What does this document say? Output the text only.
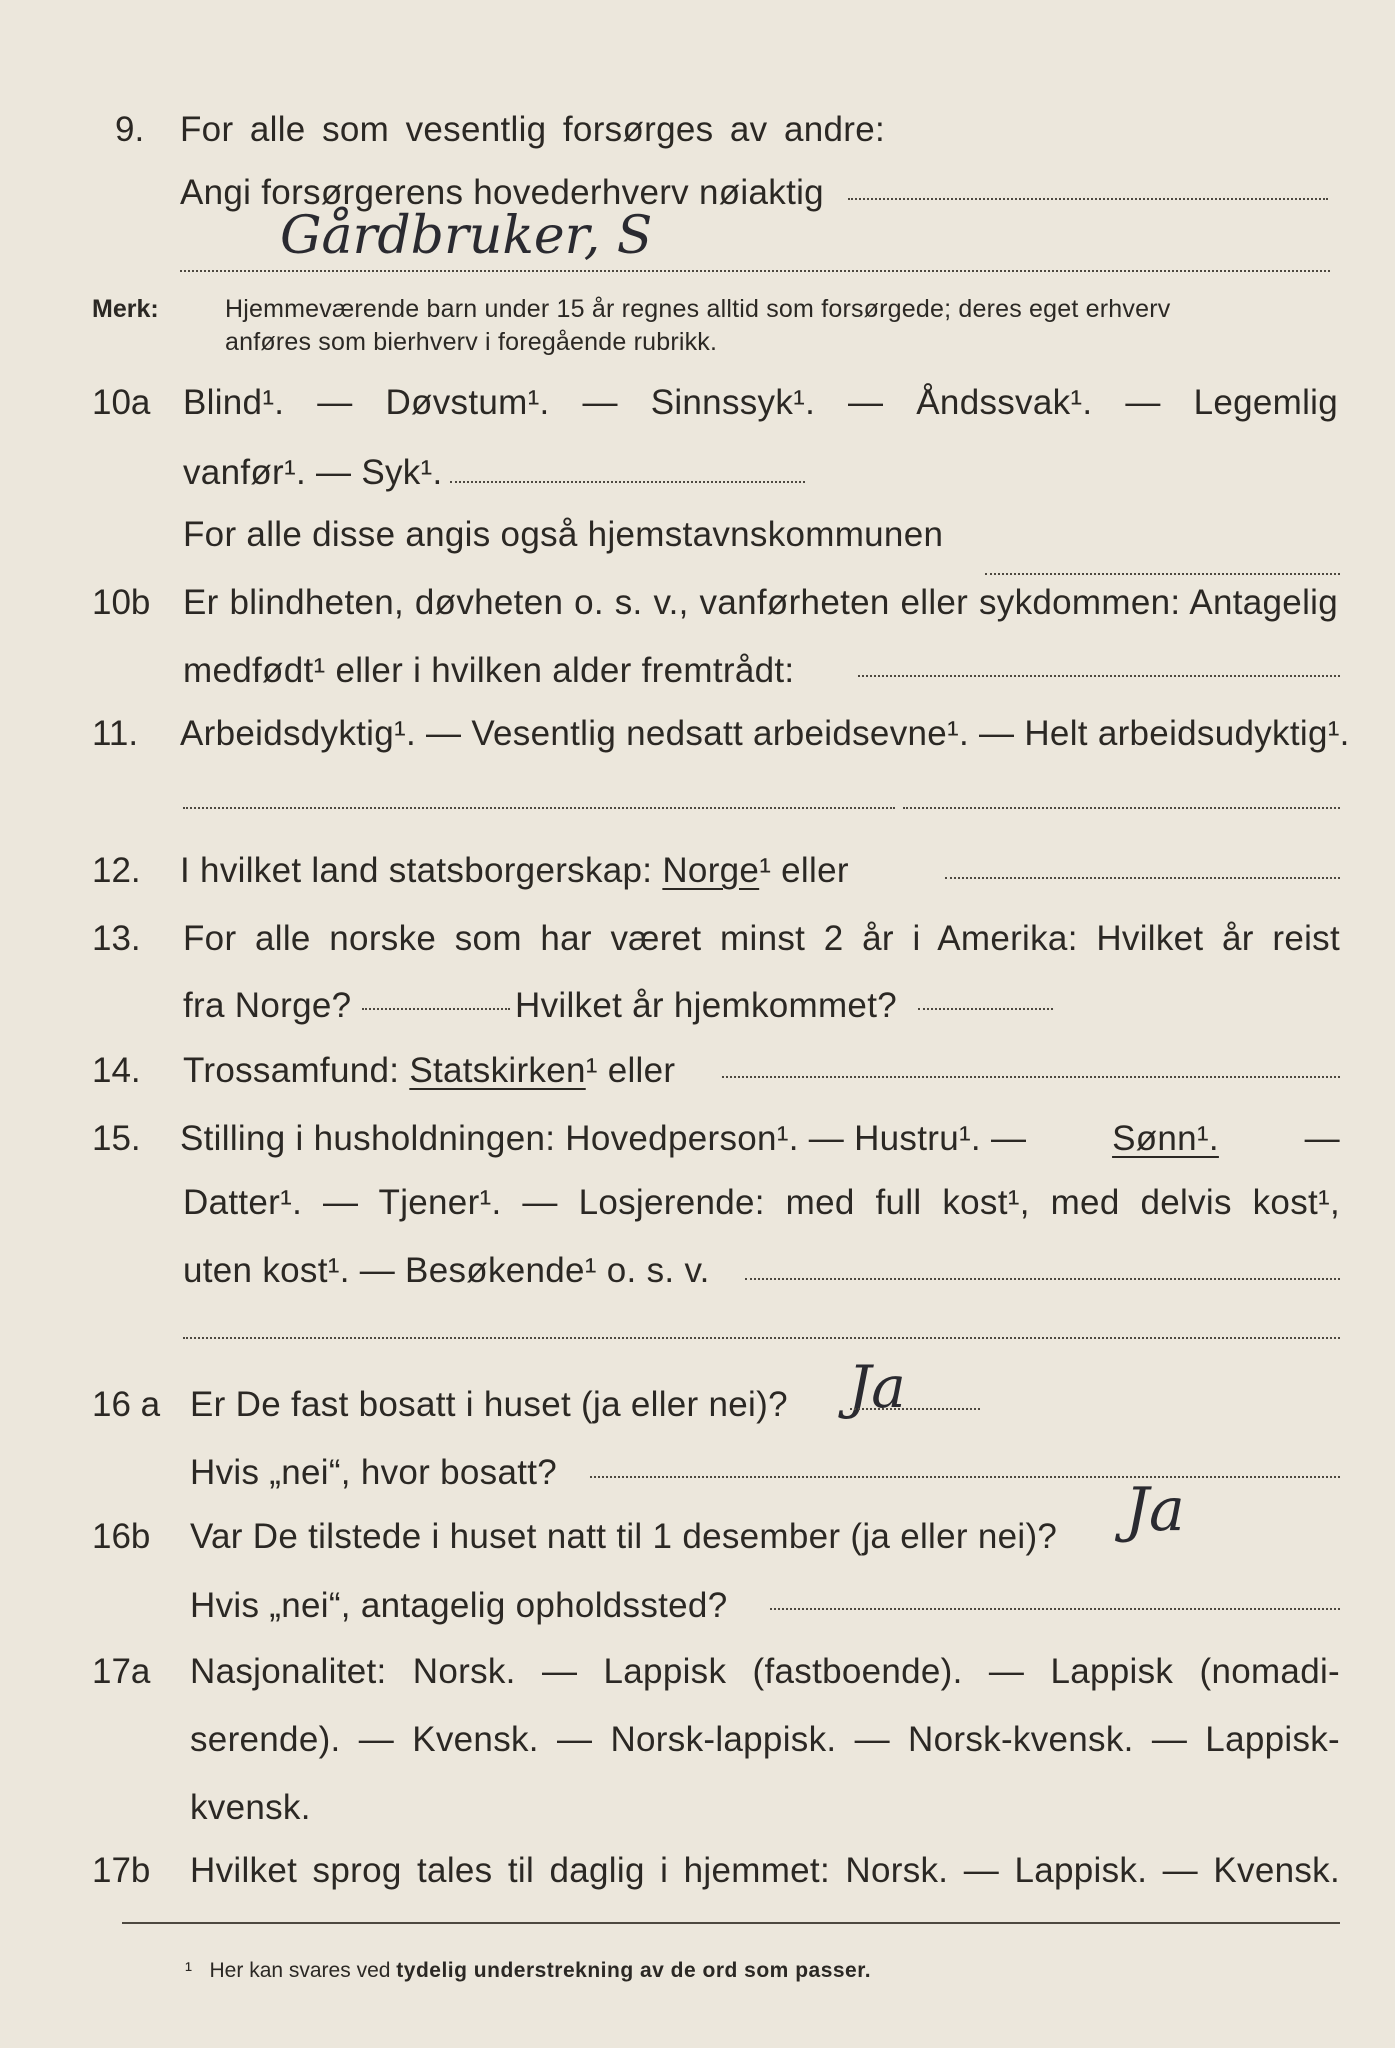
9. For alle som vesentlig forsørges av andre:
Angi forsørgerens hovederhverv nøiaktig
Gårdbruker, S
Merk:	Hjemmeværende barn under 15 år regnes alltid som forsørgede; deres eget erhverv
anføres som bierhverv i foregående rubrikk.
10a Blind¹. — Døvstum¹. — Sinnssyk¹. — Åndssvak¹. — Legemlig
vanfør¹. — Syk¹.
For alle disse angis også hjemstavnskommunen
10b Er blindheten, døvheten o. s. v., vanførheten eller sykdommen: Antagelig
medfødt¹ eller i hvilken alder fremtrådt:
11. Arbeidsdyktig¹. — Vesentlig nedsatt arbeidsevne¹. — Helt arbeidsudyktig¹.
12. I hvilket land statsborgerskap: Norge¹ eller
13. For alle norske som har været minst 2 år i Amerika: Hvilket år reist
fra Norge?	Hvilket år hjemkommet?
14. Trossamfund: Statskirken¹ eller
15. Stilling i husholdningen: Hovedperson¹. — Hustru¹. — Sønn¹. —
Datter¹. — Tjener¹. — Losjerende: med full kost¹, med delvis kost¹,
uten kost¹. — Besøkende¹ o. s. v.
16 a Er De fast bosatt i huset (ja eller nei)? Ja
Hvis „nei“, hvor bosatt?
16b Var De tilstede i huset natt til 1 desember (ja eller nei)? Ja
Hvis „nei“, antagelig opholdssted?
17a Nasjonalitet: Norsk. — Lappisk (fastboende). — Lappisk (nomadi-
serende). — Kvensk. — Norsk-lappisk. — Norsk-kvensk. — Lappisk-
kvensk.
17b Hvilket sprog tales til daglig i hjemmet: Norsk. — Lappisk. — Kvensk.
¹ Her kan svares ved tydelig understrekning av de ord som passer.
